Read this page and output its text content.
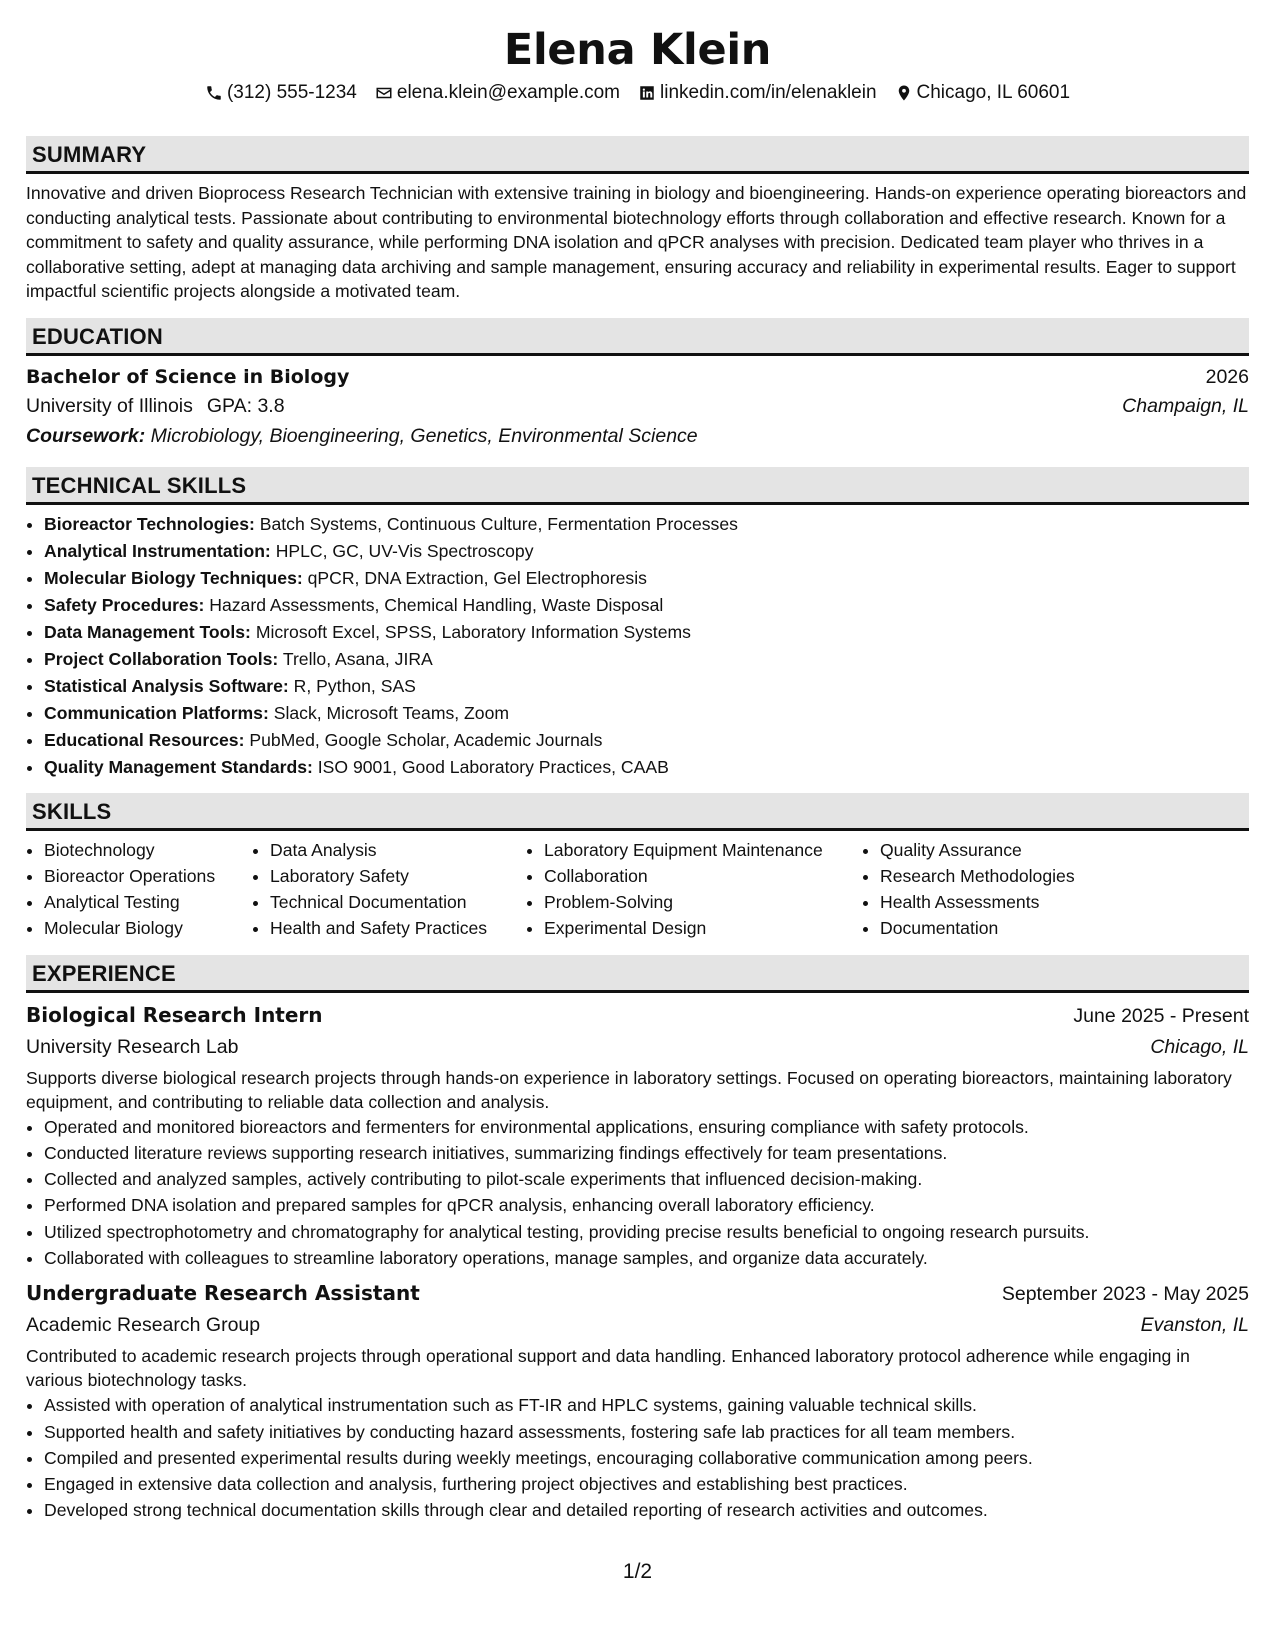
Elena Klein
(312) 555-1234 elena.klein@example.com linkedin.com/in/elenaklein Chicago, IL 60601
SUMMARY
Innovative and driven Bioprocess Research Technician with extensive training in biology and bioengineering. Hands-on experience operating bioreactors and conducting analytical tests. Passionate about contributing to environmental biotechnology efforts through collaboration and effective research. Known for a commitment to safety and quality assurance, while performing DNA isolation and qPCR analyses with precision. Dedicated team player who thrives in a collaborative setting, adept at managing data archiving and sample management, ensuring accuracy and reliability in experimental results. Eager to support impactful scientific projects alongside a motivated team.
EDUCATION
Bachelor of Science in Biology	2026
University of Illinois GPA: 3.8	Champaign, IL
Coursework: Microbiology, Bioengineering, Genetics, Environmental Science
TECHNICAL SKILLS
• Bioreactor Technologies: Batch Systems, Continuous Culture, Fermentation Processes
• Analytical Instrumentation: HPLC, GC, UV-Vis Spectroscopy
• Molecular Biology Techniques: qPCR, DNA Extraction, Gel Electrophoresis
• Safety Procedures: Hazard Assessments, Chemical Handling, Waste Disposal
• Data Management Tools: Microsoft Excel, SPSS, Laboratory Information Systems
• Project Collaboration Tools: Trello, Asana, JIRA
• Statistical Analysis Software: R, Python, SAS
• Communication Platforms: Slack, Microsoft Teams, Zoom
• Educational Resources: PubMed, Google Scholar, Academic Journals
• Quality Management Standards: ISO 9001, Good Laboratory Practices, CAAB
SKILLS
• Biotechnology
• Bioreactor Operations
• Analytical Testing
• Molecular Biology
• Data Analysis
• Laboratory Safety
• Technical Documentation
• Health and Safety Practices
• Laboratory Equipment Maintenance
• Collaboration
• Problem-Solving
• Experimental Design
• Quality Assurance
• Research Methodologies
• Health Assessments
• Documentation
EXPERIENCE
Biological Research Intern	June 2025 - Present
University Research Lab	Chicago, IL
Supports diverse biological research projects through hands-on experience in laboratory settings. Focused on operating bioreactors, maintaining laboratory equipment, and contributing to reliable data collection and analysis.
• Operated and monitored bioreactors and fermenters for environmental applications, ensuring compliance with safety protocols.
• Conducted literature reviews supporting research initiatives, summarizing findings effectively for team presentations.
• Collected and analyzed samples, actively contributing to pilot-scale experiments that influenced decision-making.
• Performed DNA isolation and prepared samples for qPCR analysis, enhancing overall laboratory efficiency.
• Utilized spectrophotometry and chromatography for analytical testing, providing precise results beneficial to ongoing research pursuits.
• Collaborated with colleagues to streamline laboratory operations, manage samples, and organize data accurately.
Undergraduate Research Assistant	September 2023 - May 2025
Academic Research Group	Evanston, IL
Contributed to academic research projects through operational support and data handling. Enhanced laboratory protocol adherence while engaging in various biotechnology tasks.
• Assisted with operation of analytical instrumentation such as FT-IR and HPLC systems, gaining valuable technical skills.
• Supported health and safety initiatives by conducting hazard assessments, fostering safe lab practices for all team members.
• Compiled and presented experimental results during weekly meetings, encouraging collaborative communication among peers.
• Engaged in extensive data collection and analysis, furthering project objectives and establishing best practices.
• Developed strong technical documentation skills through clear and detailed reporting of research activities and outcomes.
1/2
